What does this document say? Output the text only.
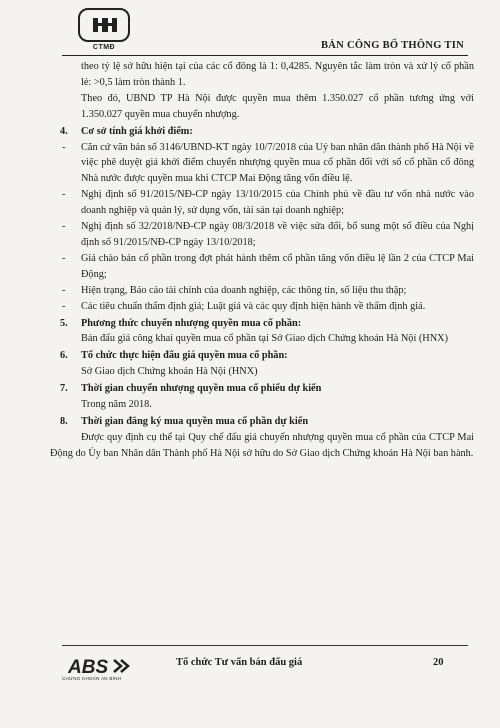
CTMĐ	BẢN CÔNG BỐ THÔNG TIN

theo tỷ lệ sở hữu hiện tại của các cổ đông là 1: 0,4285. Nguyên tắc làm tròn và xử lý cổ phần lẻ: >0,5 làm tròn thành 1.

Theo đó, UBND TP Hà Nội được quyền mua thêm 1.350.027 cổ phần tương ứng với 1.350.027 quyền mua chuyển nhượng.

4.	Cơ sở tính giá khởi điểm:
-	Căn cứ văn bản số 3146/UBND-KT ngày 10/7/2018 của Uỷ ban nhân dân thành phố Hà Nội về việc phê duyệt giá khởi điểm chuyển nhượng quyền mua cổ phần đối với số cổ phần cổ đông Nhà nước được quyền mua khi CTCP Mai Động tăng vốn điều lệ.
-	Nghị định số 91/2015/NĐ-CP ngày 13/10/2015 của Chính phủ về đầu tư vốn nhà nước vào doanh nghiệp và quản lý, sử dụng vốn, tài sản tại doanh nghiệp;
-	Nghị định số 32/2018/NĐ-CP ngày 08/3/2018 về việc sửa đổi, bổ sung một số điều của Nghị định số 91/2015/NĐ-CP ngày 13/10/2018;
-	Giá chào bán cổ phần trong đợt phát hành thêm cổ phần tăng vốn điều lệ lần 2 của CTCP Mai Động;
-	Hiện trạng, Báo cáo tài chính của doanh nghiệp, các thông tin, số liệu thu thập;
-	Các tiêu chuẩn thẩm định giá; Luật giá và các quy định hiện hành về thẩm định giá.
5.	Phương thức chuyển nhượng quyền mua cổ phần:

Bán đấu giá công khai quyền mua cổ phần tại Sở Giao dịch Chứng khoán Hà Nội (HNX)

6.	Tổ chức thực hiện đấu giá quyền mua cổ phần:

Sở Giao dịch Chứng khoán Hà Nội (HNX)

7.	Thời gian chuyển nhượng quyền mua cổ phiếu dự kiến

Trong năm 2018.

8.	Thời gian đăng ký mua quyền mua cổ phần dự kiến

Được quy định cụ thể tại Quy chế đấu giá chuyển nhượng quyền mua cổ phần của CTCP Mai Động do Ủy ban Nhân dân Thành phố Hà Nội sở hữu do Sở Giao dịch Chứng khoán Hà Nội ban hành.

ABS
CHỨNG KHOÁN AN BÌNH
Tổ chức Tư vấn bán đấu giá	20
